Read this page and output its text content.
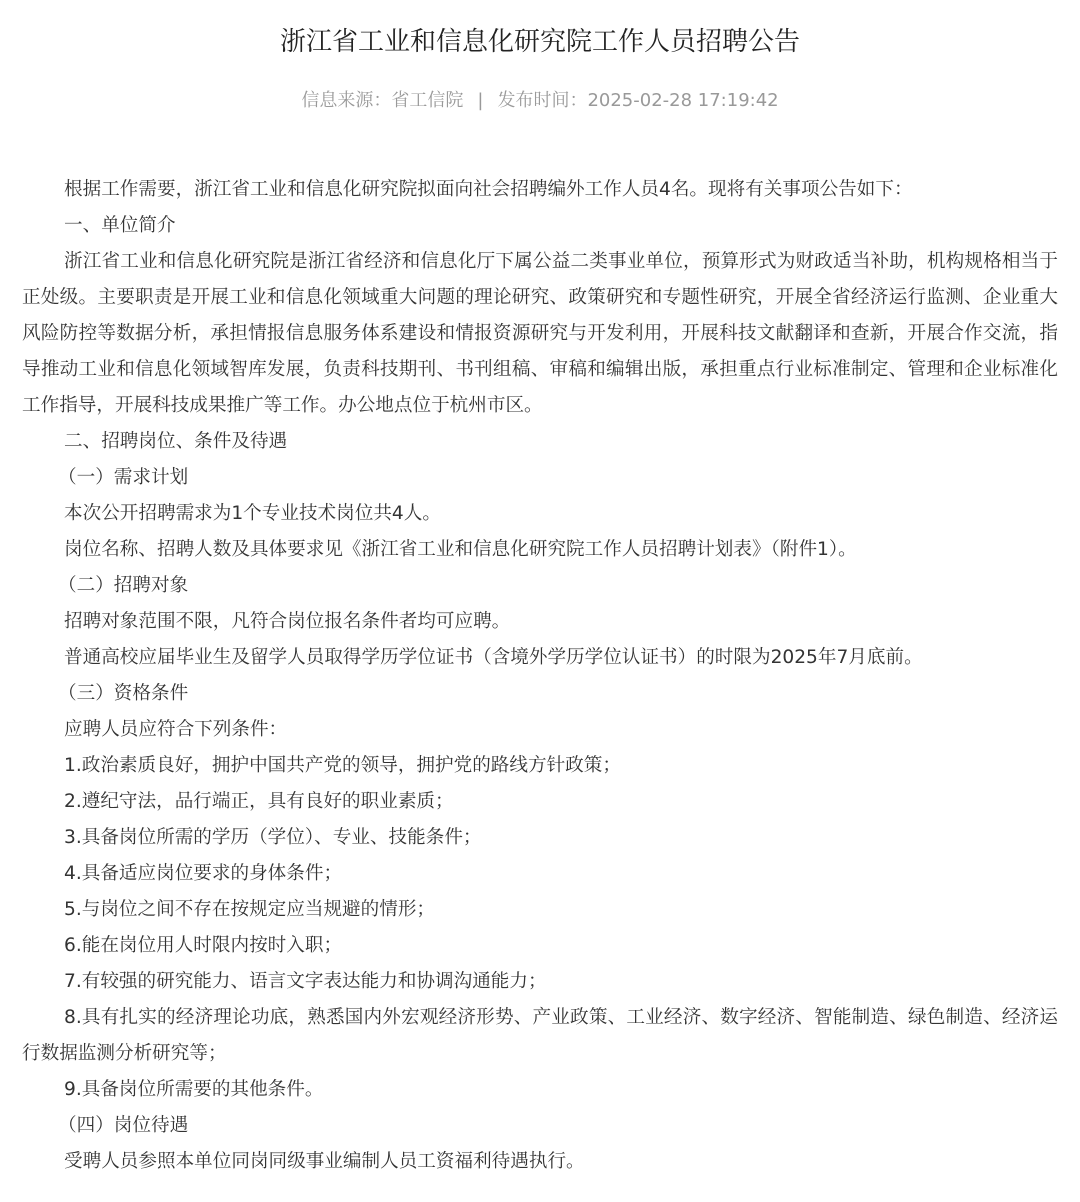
浙江省工业和信息化研究院工作人员招聘公告
信息来源：省工信院 | 发布时间：2025-02-28 17:19:42

根据工作需要，浙江省工业和信息化研究院拟面向社会招聘编外工作人员4名。现将有关事项公告如下：

一、单位简介

浙江省工业和信息化研究院是浙江省经济和信息化厅下属公益二类事业单位，预算形式为财政适当补助，机构规格相当于正处级。主要职责是开展工业和信息化领域重大问题的理论研究、政策研究和专题性研究，开展全省经济运行监测、企业重大风险防控等数据分析，承担情报信息服务体系建设和情报资源研究与开发利用，开展科技文献翻译和查新，开展合作交流，指导推动工业和信息化领域智库发展，负责科技期刊、书刊组稿、审稿和编辑出版，承担重点行业标准制定、管理和企业标准化工作指导，开展科技成果推广等工作。办公地点位于杭州市区。

二、招聘岗位、条件及待遇

（一）需求计划

本次公开招聘需求为1个专业技术岗位共4人。

岗位名称、招聘人数及具体要求见《浙江省工业和信息化研究院工作人员招聘计划表》（附件1）。

（二）招聘对象

招聘对象范围不限，凡符合岗位报名条件者均可应聘。

普通高校应届毕业生及留学人员取得学历学位证书（含境外学历学位认证书）的时限为2025年7月底前。

（三）资格条件

应聘人员应符合下列条件：

1.政治素质良好，拥护中国共产党的领导，拥护党的路线方针政策；

2.遵纪守法，品行端正，具有良好的职业素质；

3.具备岗位所需的学历（学位）、专业、技能条件；

4.具备适应岗位要求的身体条件；

5.与岗位之间不存在按规定应当规避的情形；

6.能在岗位用人时限内按时入职；

7.有较强的研究能力、语言文字表达能力和协调沟通能力；

8.具有扎实的经济理论功底，熟悉国内外宏观经济形势、产业政策、工业经济、数字经济、智能制造、绿色制造、经济运行数据监测分析研究等；

9.具备岗位所需要的其他条件。

（四）岗位待遇

受聘人员参照本单位同岗同级事业编制人员工资福利待遇执行。
